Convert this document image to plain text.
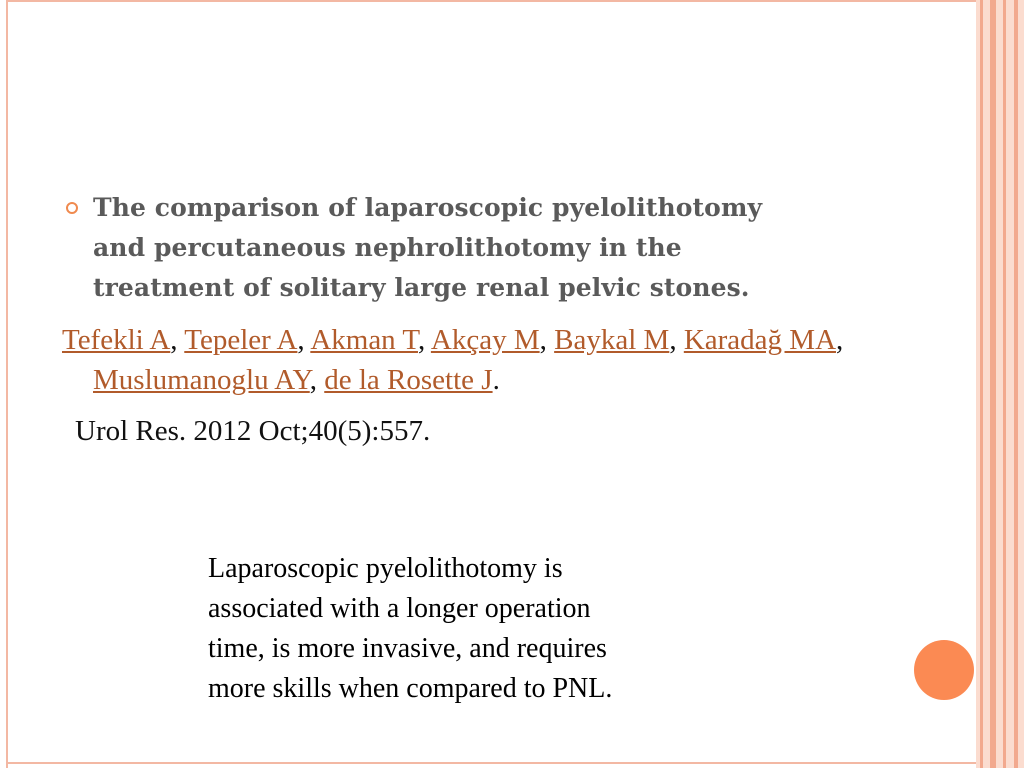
The comparison of laparoscopic pyelolithotomy
and percutaneous nephrolithotomy in the
treatment of solitary large renal pelvic stones.

Tefekli A, Tepeler A, Akman T, Akçay M, Baykal M, Karadağ MA, Muslumanoglu AY, de la Rosette J.
Urol Res. 2012 Oct;40(5):557.
Laparoscopic pyelolithotomy is
associated with a longer operation
time, is more invasive, and requires
more skills when compared to PNL.
